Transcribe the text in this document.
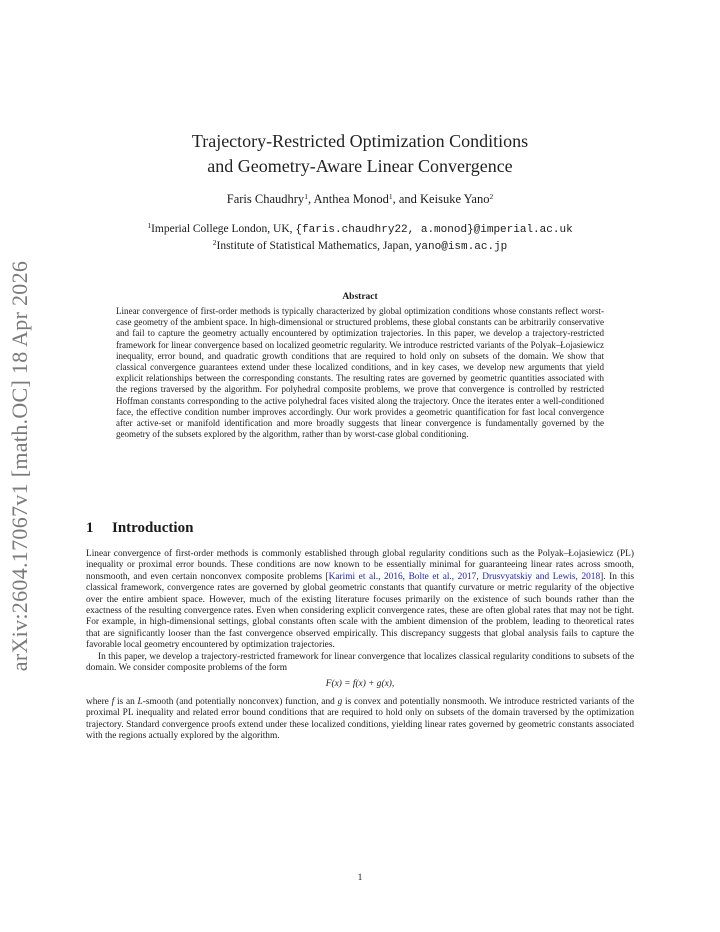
arXiv:2604.17067v1 [math.OC] 18 Apr 2026
Trajectory-Restricted Optimization Conditions
and Geometry-Aware Linear Convergence
Faris Chaudhry$^1$, Anthea Monod$^1$, and Keisuke Yano$^2$
$^1$Imperial College London, UK, {faris.chaudhry22, a.monod}@imperial.ac.uk
$^2$Institute of Statistical Mathematics, Japan, yano@ism.ac.jp
Abstract
Linear convergence of first-order methods is typically characterized by global optimization conditions whose constants reflect worst-case geometry of the ambient space. In high-dimensional or structured problems, these global constants can be arbitrarily conservative and fail to capture the geometry actually encountered by optimization trajectories. In this paper, we develop a trajectory-restricted framework for linear convergence based on localized geometric regularity. We introduce restricted variants of the Polyak–Łojasiewicz inequality, error bound, and quadratic growth conditions that are required to hold only on subsets of the domain. We show that classical convergence guarantees extend under these localized conditions, and in key cases, we develop new arguments that yield explicit relationships between the corresponding constants. The resulting rates are governed by geometric quantities associated with the regions traversed by the algorithm. For polyhedral composite problems, we prove that convergence is controlled by restricted Hoffman constants corresponding to the active polyhedral faces visited along the trajectory. Once the iterates enter a well-conditioned face, the effective condition number improves accordingly. Our work provides a geometric quantification for fast local convergence after active-set or manifold identification and more broadly suggests that linear convergence is fundamentally governed by the geometry of the subsets explored by the algorithm, rather than by worst-case global conditioning.
1 Introduction

Linear convergence of first-order methods is commonly established through global regularity conditions such as the Polyak–Łojasiewicz (PL) inequality or proximal error bounds. These conditions are now known to be essentially minimal for guaranteeing linear rates across smooth, nonsmooth, and even certain nonconvex composite problems [Karimi et al., 2016, Bolte et al., 2017, Drusvyatskiy and Lewis, 2018]. In this classical framework, convergence rates are governed by global geometric constants that quantify curvature or metric regularity of the objective over the entire ambient space. However, much of the existing literature focuses primarily on the existence of such bounds rather than the exactness of the resulting convergence rates. Even when considering explicit convergence rates, these are often global rates that may not be tight. For example, in high-dimensional settings, global constants often scale with the ambient dimension of the problem, leading to theoretical rates that are significantly looser than the fast convergence observed empirically. This discrepancy suggests that global analysis fails to capture the favorable local geometry encountered by optimization trajectories.

In this paper, we develop a trajectory-restricted framework for linear convergence that localizes classical regularity conditions to subsets of the domain. We consider composite problems of the form

F(x) = f(x) + g(x),

where f is an L-smooth (and potentially nonconvex) function, and g is convex and potentially nonsmooth. We introduce restricted variants of the proximal PL inequality and related error bound conditions that are required to hold only on subsets of the domain traversed by the optimization trajectory. Standard convergence proofs extend under these localized conditions, yielding linear rates governed by geometric constants associated with the regions actually explored by the algorithm.

1
